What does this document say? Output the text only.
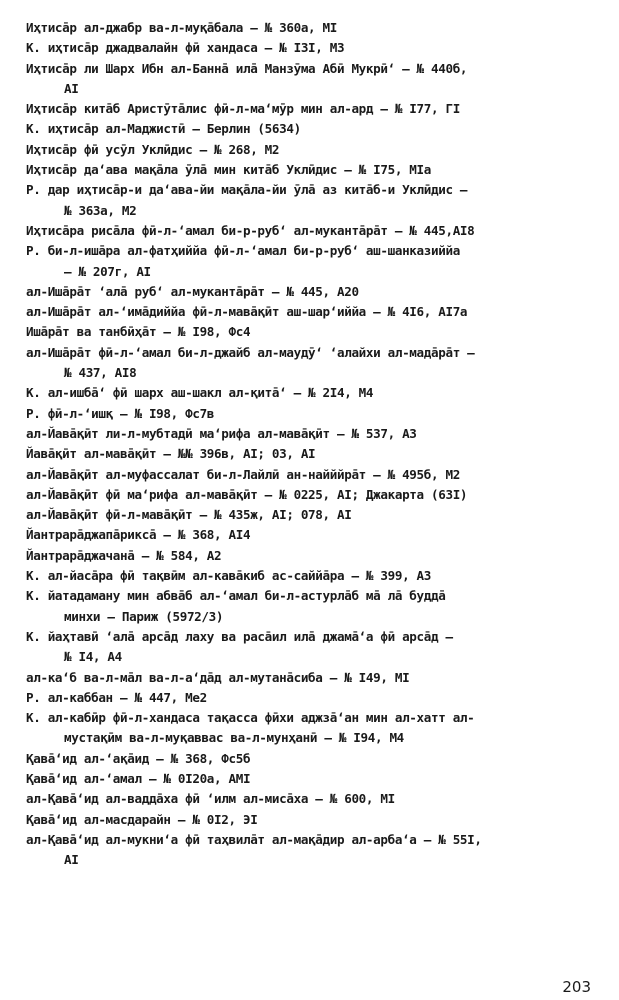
Иҳтиса̄р ал-джабр ва-л-муқа̄бала – № 360а, MI
К. иҳтиса̄р джадвалайн фӣ хандаса – № I3I, M3
Иҳтиса̄р ли Шарх Ибн ал-Банна̄ ила̄ Манзӯма Абӣ Мукрӣ‘ – № 440б,
AI
Иҳтиса̄р кита̄б Аристӯта̄лис фӣ-л-ма‘мӯр мин ал-ард – № I77, ГI
К. иҳтиса̄р ал-Маджистӣ – Берлин (5634)
Иҳтиса̄р фӣ усӯл Уклӣдис – № 268, M2
Иҳтиса̄р да‘ава мақа̄ла ӯла̄ мин кита̄б Уклӣдис – № I75, MIа
Р. дар иҳтиса̄р-и да‘ава-йи мақа̄ла-йи ӯла̄ аз кита̄б-и Уклӣдис –
№ 363а, M2
Иҳтиса̄ра риса̄ла фӣ-л-‘амал би-р-руб‘ ал-муканта̄ра̄т – № 445,AI8
Р. би-л-иша̄ра ал-фатҳиййа фӣ-л-‘амал би-р-руб‘ аш-шанказиййа
– № 207г, AI
ал-Иша̄ра̄т ‘ала̄ руб‘ ал-муканта̄ра̄т – № 445, A20
ал-Иша̄ра̄т ал-‘има̄диййа фӣ-л-мава̄қӣт аш-шар‘иййа – № 4I6, AI7а
Иша̄ра̄т ва танбӣҳа̄т – № I98, Фс4
ал-Иша̄ра̄т фӣ-л-‘амал би-л-джайб ал-маудӯ‘ ‘алайхи ал-мада̄ра̄т –
№ 437, AI8
К. ал-ишба̄‘ фӣ шарх аш-шакл ал-қита̄‘ – № 2I4, M4
Р. фӣ-л-‘ишқ – № I98, Фс7в
ал-Йава̄қӣт ли-л-мубтадӣ ма‘рифа ал-мава̄қӣт – № 537, A3
Йава̄қӣт ал-мава̄қӣт – №№ 396в, AI; 03, AI
ал-Йава̄қӣт ал-муфассалат би-л-Лайлӣ ан-найййра̄т – № 495б, M2
ал-Йава̄қӣт фӣ ма‘рифа ал-мава̄қӣт – № 0225, AI; Джакарта (63I)
ал-Йава̄қӣт фӣ-л-мава̄қӣт – № 435ж, AI; 078, AI
Йантрара̄джапа̄рикса̄ – № 368, AI4
Йантрара̄джачана̄ – № 584, A2
К. ал-йасāра фӣ тақвӣм ал-кава̄киб ас-саййа̄ра – № 399, A3
К. йатадаману мин абва̄б ал-‘амал би-л-астурла̄б ма̄ ла̄ будда̄
минхи – Париж (5972/3)
К. йаҳтавӣ ‘ала̄ арса̄д лаху ва расāил ила̄ джама̄‘а фӣ арса̄д –
№ I4, A4
ал-ка‘б ва-л-ма̄л ва-л-а‘да̄д ал-мутана̄сиба – № I49, MI
Р. ал-каббан – № 447, Ме2
К. ал-кабӣр фӣ-л-хандаса тақасса фӣхи аджза̄‘ан мин ал-хатт ал-
мустақӣм ва-л-муқаввас ва-л-мунҳанӣ – № I94, M4
Қава̄‘ид ал-‘ақа̄ид – № 368, Фс5б
Қава̄‘ид ал-‘амал – № 0I20а, AMI
ал-Қава̄‘ид ал-ваддāха фӣ ‘илм ал-миса̄ха – № 600, MI
Қава̄‘ид ал-масдарайн – № 0I2, ЭI
ал-Қава̄‘ид ал-мукни‘а фӣ таҳвила̄т ал-мақа̄дир ал-арба‘а – № 55I,
AI
203
